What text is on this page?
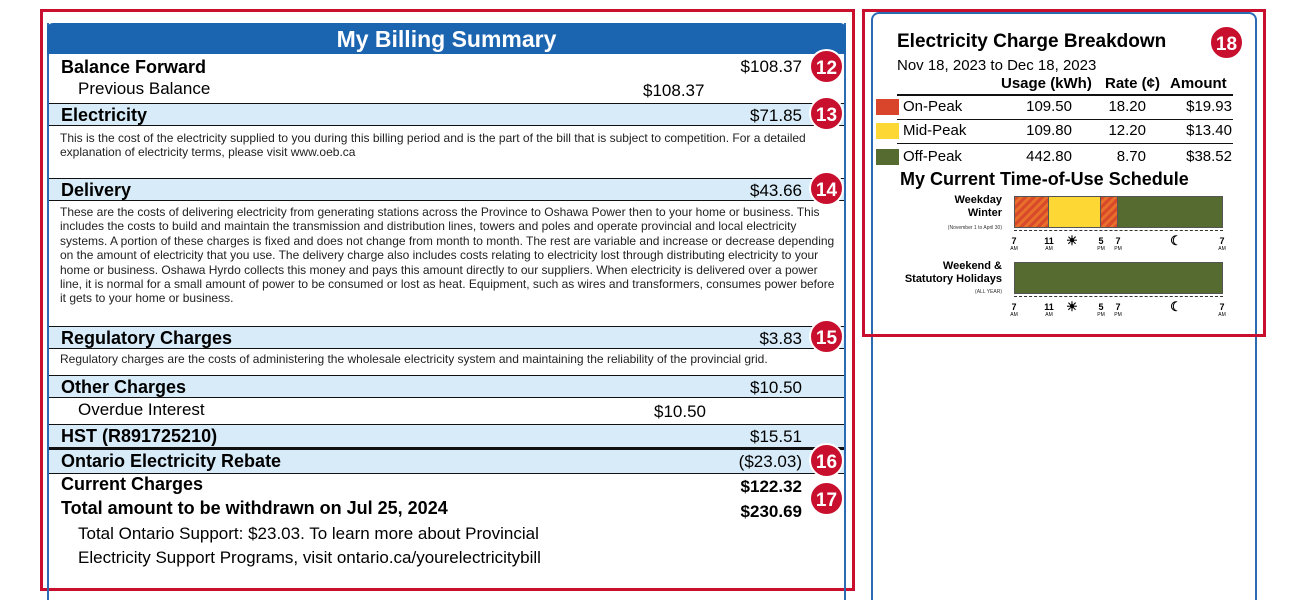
My Billing Summary
Balance Forward	$108.37
Previous Balance	$108.37
Electricity	$71.85
This is the cost of the electricity supplied to you during this billing period and is the part of the bill that is subject to competition. For a detailed explanation of electricity terms, please visit www.oeb.ca
Delivery	$43.66
These are the costs of delivering electricity from generating stations across the Province to Oshawa Power then to your home or business. This includes the costs to build and maintain the transmission and distribution lines, towers and poles and operate provincial and local electricity systems. A portion of these charges is fixed and does not change from month to month. The rest are variable and increase or decrease depending on the amount of electricity that you use. The delivery charge also includes costs relating to electricity lost through distributing electricity to your home or business. Oshawa Hyrdo collects this money and pays this amount directly to our suppliers. When electricity is delivered over a power line, it is normal for a small amount of power to be consumed or lost as heat. Equipment, such as wires and transformers, consumes power before it gets to your home or business.
Regulatory Charges	$3.83
Regulatory charges are the costs of administering the wholesale electricity system and maintaining the reliability of the provincial grid.
Other Charges	$10.50
Overdue Interest	$10.50
HST (R891725210)	$15.51
Ontario Electricity Rebate	($23.03)
Current Charges	$122.32
Total amount to be withdrawn on Jul 25, 2024	$230.69
Total Ontario Support: $23.03. To learn more about Provincial
Electricity Support Programs, visit ontario.ca/yourelectricitybill
12
13
14
15
16
17
Electricity Charge Breakdown	18
Nov 18, 2023 to Dec 18, 2023
Usage (kWh) Rate (¢) Amount
On-Peak	109.50	18.20	$19.93
Mid-Peak	109.80	12.20	$13.40
Off-Peak	442.80	8.70	$38.52
My Current Time-of-Use Schedule
Weekday
Winter
(November 1 to April 30)
Weekend &
Statutory Holidays
(ALL YEAR)
7
AM
11
AM
☀	5
PM
7
PM
☾	7
AM
7
AM
11
AM
☀	5
PM
7
PM
☾	7
AM
